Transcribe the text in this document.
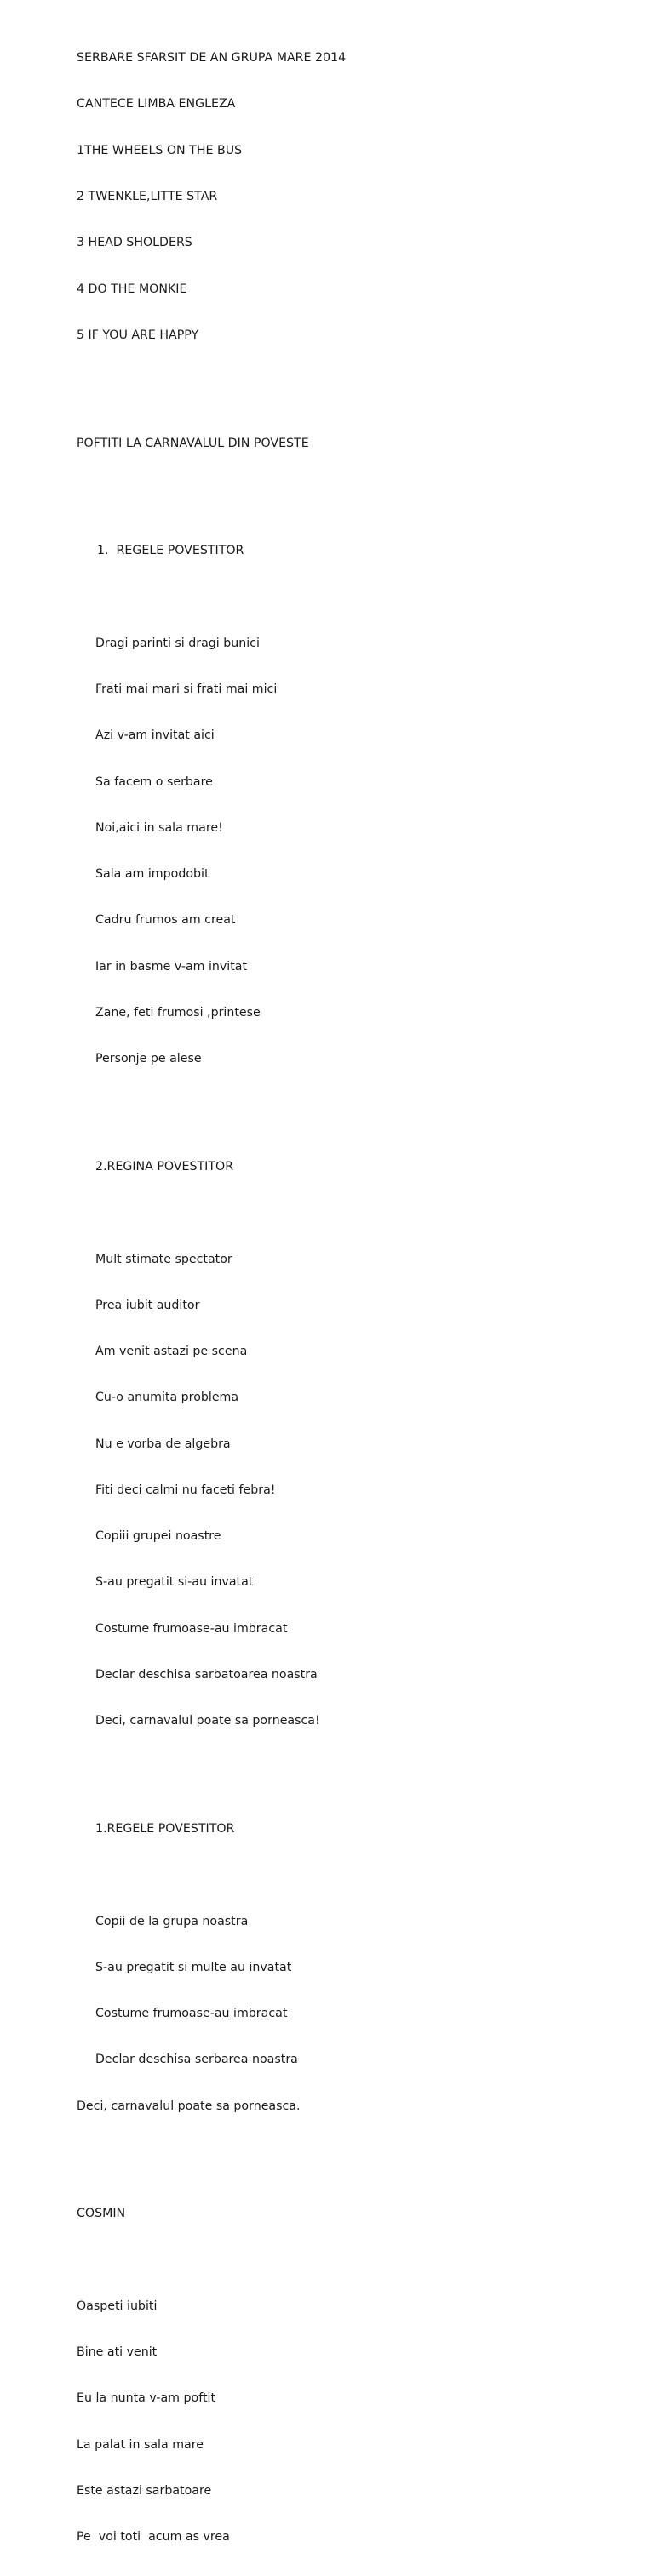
SERBARE SFARSIT DE AN GRUPA MARE 2014

CANTECE LIMBA ENGLEZA

1THE WHEELS ON THE BUS

2 TWENKLE,LITTE STAR

3 HEAD SHOLDERS

4 DO THE MONKIE

5 IF YOU ARE HAPPY

POFTITI LA CARNAVALUL DIN POVESTE

1.  REGELE POVESTITOR

Dragi parinti si dragi bunici

Frati mai mari si frati mai mici

Azi v-am invitat aici

Sa facem o serbare

Noi,aici in sala mare!

Sala am impodobit

Cadru frumos am creat

Iar in basme v-am invitat

Zane, feti frumosi ,printese

Personje pe alese

2.REGINA POVESTITOR

Mult stimate spectator

Prea iubit auditor

Am venit astazi pe scena

Cu-o anumita problema

Nu e vorba de algebra

Fiti deci calmi nu faceti febra!

Copiii grupei noastre

S-au pregatit si-au invatat

Costume frumoase-au imbracat

Declar deschisa sarbatoarea noastra

Deci, carnavalul poate sa porneasca!

1.REGELE POVESTITOR

Copii de la grupa noastra

S-au pregatit si multe au invatat

Costume frumoase-au imbracat

Declar deschisa serbarea noastra

Deci, carnavalul poate sa porneasca.

COSMIN

Oaspeti iubiti

Bine ati venit

Eu la nunta v-am poftit

La palat in sala mare

Este astazi sarbatoare

Pe  voi toti  acum as vrea
